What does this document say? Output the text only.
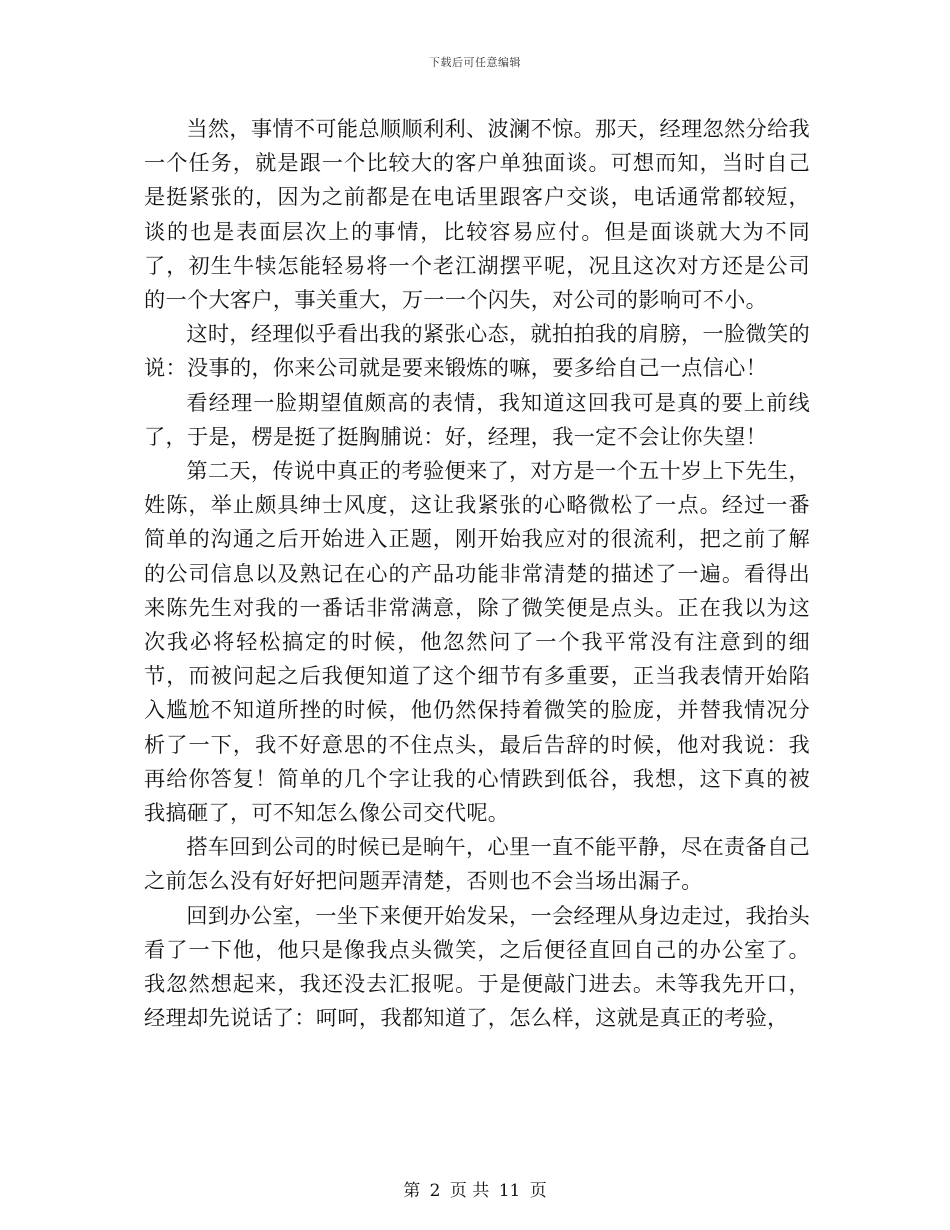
下载后可任意编辑

当然，事情不可能总顺顺利利、波澜不惊。那天，经理忽然分给我一个任务，就是跟一个比较大的客户单独面谈。可想而知，当时自己是挺紧张的，因为之前都是在电话里跟客户交谈，电话通常都较短，谈的也是表面层次上的事情，比较容易应付。但是面谈就大为不同了，初生牛犊怎能轻易将一个老江湖摆平呢，况且这次对方还是公司的一个大客户，事关重大，万一一个闪失，对公司的影响可不小。

这时，经理似乎看出我的紧张心态，就拍拍我的肩膀，一脸微笑的说：没事的，你来公司就是要来锻炼的嘛，要多给自己一点信心！

看经理一脸期望值颇高的表情，我知道这回我可是真的要上前线了，于是，楞是挺了挺胸脯说：好，经理，我一定不会让你失望！

第二天，传说中真正的考验便来了，对方是一个五十岁上下先生，姓陈，举止颇具绅士风度，这让我紧张的心略微松了一点。经过一番简单的沟通之后开始进入正题，刚开始我应对的很流利，把之前了解的公司信息以及熟记在心的产品功能非常清楚的描述了一遍。看得出来陈先生对我的一番话非常满意，除了微笑便是点头。正在我以为这次我必将轻松搞定的时候，他忽然问了一个我平常没有注意到的细节，而被问起之后我便知道了这个细节有多重要，正当我表情开始陷入尴尬不知道所挫的时候，他仍然保持着微笑的脸庞，并替我情况分析了一下，我不好意思的不住点头，最后告辞的时候，他对我说：我再给你答复！简单的几个字让我的心情跌到低谷，我想，这下真的被我搞砸了，可不知怎么像公司交代呢。

搭车回到公司的时候已是晌午，心里一直不能平静，尽在责备自己之前怎么没有好好把问题弄清楚，否则也不会当场出漏子。

回到办公室，一坐下来便开始发呆，一会经理从身边走过，我抬头看了一下他，他只是像我点头微笑，之后便径直回自己的办公室了。我忽然想起来，我还没去汇报呢。于是便敲门进去。未等我先开口，经理却先说话了：呵呵，我都知道了，怎么样，这就是真正的考验，

第 2 页 共 11 页
